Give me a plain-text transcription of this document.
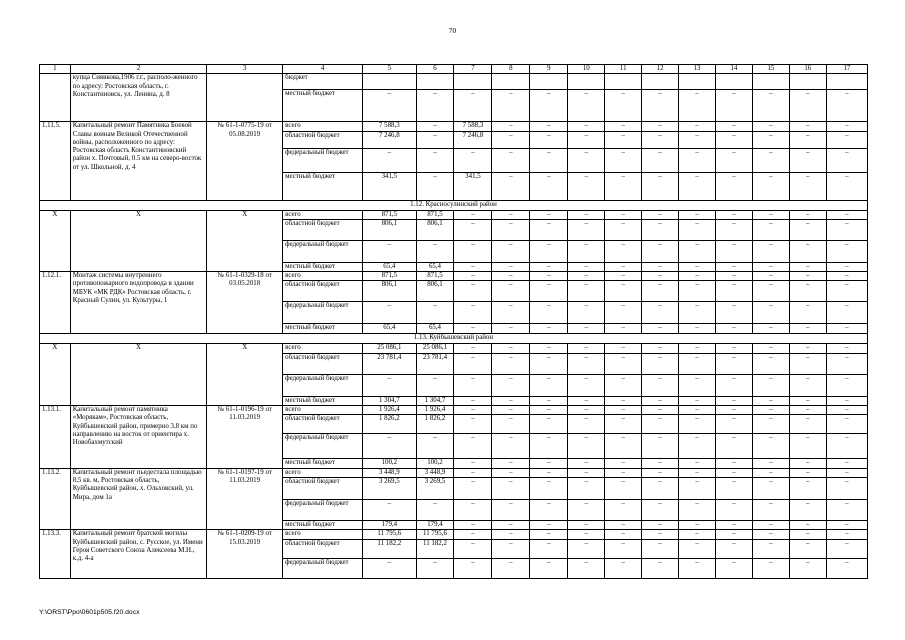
70
1	2	3	4	5	6	7	8	9	10	11	12	13	14	15	16	17
	купца Сиявкова,1906 г.г., располо-женного по адресу: Ростовская область, г. Константиновск, ул. Ленина, д. 8		бюджет													
			местный бюджет	–	–	–	–	–	–	–	–	–	–	–	–	–
1.11.5.	Капитальный ремонт Памятника Боевой Славы воинам Великой Отечественной войны, расположенного по адресу: Ростовская область Константиновский район х. Почтовый, 0.5 км на северо-восток от ул. Школьной, д. 4	№ 61-1-0775-19 от 05.08.2019	всего	7 588,3	–	7 588,3	–	–	–	–	–	–	–	–	–	–
			областной бюджет	7 246,8	–	7 246,8	–	–	–	–	–	–	–	–	–	–
			федеральный бюджет	–	–	–	–	–	–	–	–	–	–	–	–	–
			местный бюджет	341,5	–	341,5	–	–	–	–	–	–	–	–	–	–
1.12. Красносулинский район																
Х	Х	Х	всего	871,5	871,5	–	–	–	–	–	–	–	–	–	–	–
			областной бюджет	806,1	806,1	–	–	–	–	–	–	–	–	–	–	–
			федеральный бюджет	–	–	–	–	–	–	–	–	–	–	–	–	–
			местный бюджет	65,4	65,4	–	–	–	–	–	–	–	–	–	–	–
1.12.1.	Монтаж системы внутреннего противопожарного водопровода в здании МБУК «МК РДК» Ростовская область, г. Красный Сулин, ул. Культуры, 1	№ 61-1-0329-18 от 03.05.2018	всего	871,5	871,5	–	–	–	–	–	–	–	–	–	–	–
			областной бюджет	806,1	806,1	–	–	–	–	–	–	–	–	–	–	–
			федеральный бюджет	–	–	–	–	–	–	–	–	–	–	–	–	–
			местный бюджет	65,4	65,4	–	–	–	–	–	–	–	–	–	–	–
1.13. Куйбышевский район																
Х	Х	Х	всего	25 086,1	25 086,1	–	–	–	–	–	–	–	–	–	–	–
			областной бюджет	23 781,4	23 781,4	–	–	–	–	–	–	–	–	–	–	–
			федеральный бюджет	–	–	–	–	–	–	–	–	–	–	–	–	–
			местный бюджет	1 304,7	1 304,7	–	–	–	–	–	–	–	–	–	–	–
1.13.1.	Капитальный ремонт памятника «Морякам», Ростовская область, Куйбышевский район, примерно 3,8 км по направлению на восток от ориентира х. Новобахмутский	№ 61-1-0196-19 от 11.03.2019	всего	1 926,4	1 926,4	–	–	–	–	–	–	–	–	–	–	–
			областной бюджет	1 826,2	1 826,2	–	–	–	–	–	–	–	–	–	–	–
			федеральный бюджет	–	–	–	–	–	–	–	–	–	–	–	–	–
			местный бюджет	100,2	100,2	–	–	–	–	–	–	–	–	–	–	–
1.13.2.	Капитальный ремонт пьедестала площадью 8,5 кв. м, Ростовская область, Куйбышевский район, х. Ольховский, ул. Мира, дом 1а	№ 61-1-0197-19 от 11.03.2019	всего	3 448,9	3 448,9	–	–	–	–	–	–	–	–	–	–	–
			областной бюджет	3 269,5	3 269,5	–	–	–	–	–	–	–	–	–	–	–
			федеральный бюджет	–	–	–	–	–	–	–	–	–	–	–	–	–
			местный бюджет	179,4	179,4	–	–	–	–	–	–	–	–	–	–	–
1.13.3.	Капитальный ремонт братской могилы Куйбышевский район, с. Русское, ул. Имени Героя Советского Союза Алексеева М.Н., к.д. 4-а	№ 61-1-0209-19 от 15.03.2019	всего	11 795,6	11 795,6	–	–	–	–	–	–	–	–	–	–	–
			областной бюджет	11 182,2	11 182,2	–	–	–	–	–	–	–	–	–	–	–
			федеральный бюджет	–	–	–	–	–	–	–	–	–	–	–	–	–
Y:\ORST\Ppo\0601p505.f20.docx
